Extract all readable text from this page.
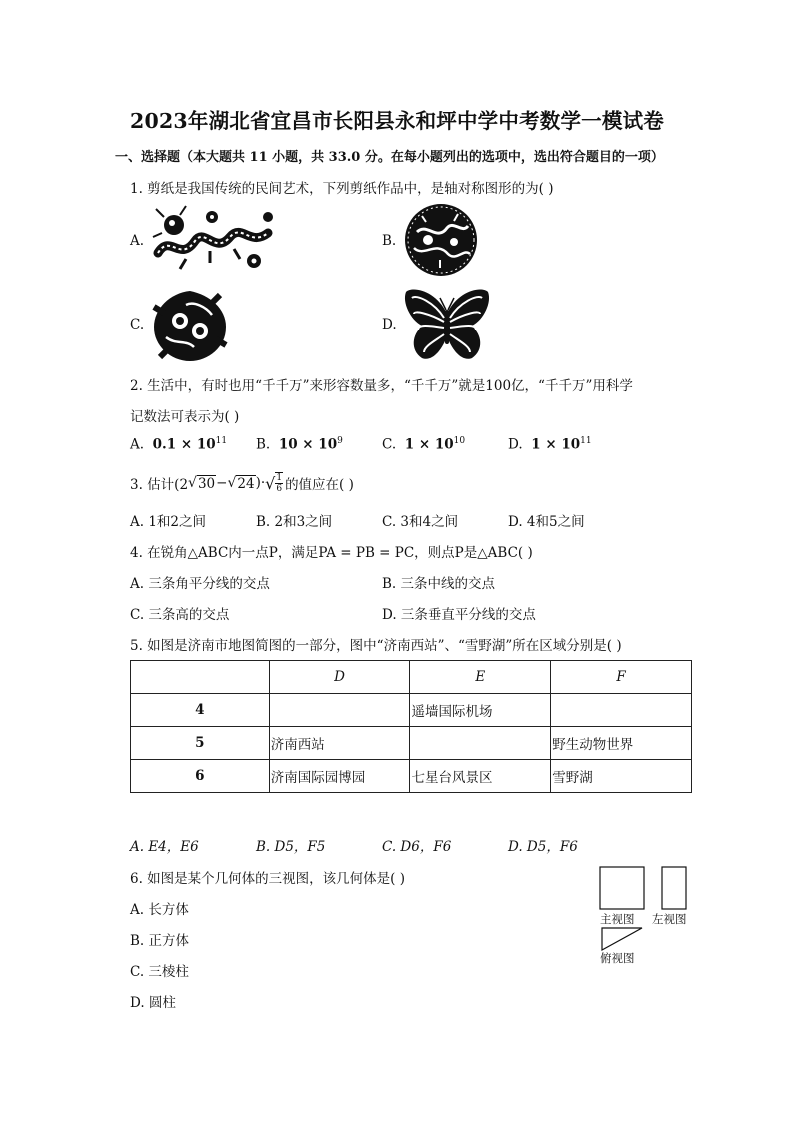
2023年湖北省宜昌市长阳县永和坪中学中考数学一模试卷
一、选择题（本大题共 11 小题，共 33.0 分。在每小题列出的选项中，选出符合题目的一项）
1. 剪纸是我国传统的民间艺术，下列剪纸作品中，是轴对称图形的为( )
A.	B.
C.	D.
2. 生活中，有时也用“千千万”来形容数量多，“千千万”就是100亿，“千千万”用科学
记数法可表示为( )
A. $0.1 \times 10^{11}$ B. $10 \times 10^9$	C. $1 \times 10^{10}$	D. $1 \times 10^{11}$
3. 估计(2 √ 30 − √ 24 )· √ $\frac{1}{6}$ 的值应在( )
A. 1和2之间	B. 2和3之间	C. 3和4之间	D. 4和5之间
4. 在锐角△ABC内一点P，满足PA = PB = PC，则点P是△ABC( )
A. 三条角平分线的交点	B. 三条中线的交点
C. 三条高的交点	D. 三条垂直平分线的交点
5. 如图是济南市地图简图的一部分，图中“济南西站”、“雪野湖”所在区域分别是( )
	D	E	F
4		遥墙国际机场	
5	济南西站		野生动物世界
6	济南国际园博园	七星台风景区	雪野湖
A. E4，E6	B. D5，F5	C. D6，F6	D. D5，F6
6. 如图是某个几何体的三视图，该几何体是( )
A. 长方体
B. 正方体
C. 三棱柱
D. 圆柱
主视图 左视图
俯视图
